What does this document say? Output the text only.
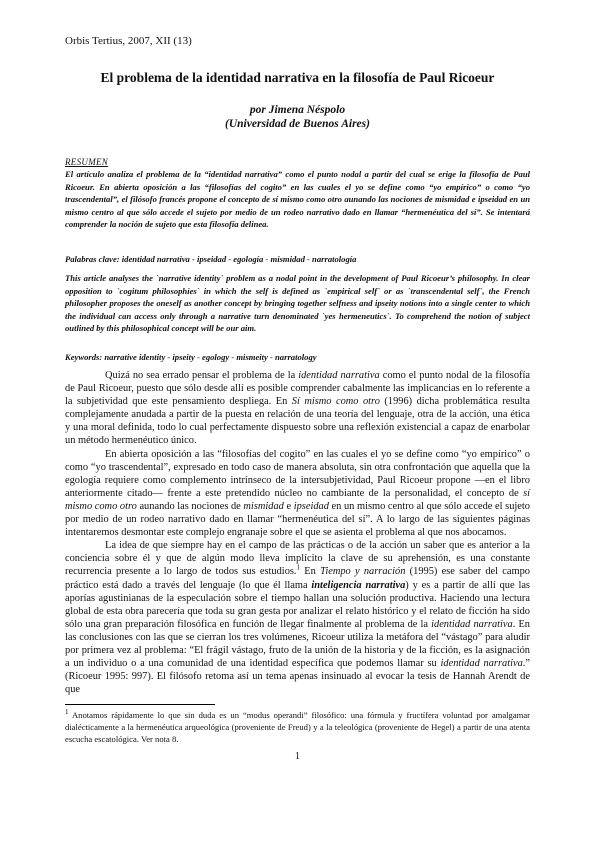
Orbis Tertius, 2007, XII (13)
El problema de la identidad narrativa en la filosofía de Paul Ricoeur
por Jimena Néspolo
(Universidad de Buenos Aires)
RESUMEN

El artículo analiza el problema de la “identidad narrativa” como el punto nodal a partir del cual se erige la filosofía de Paul Ricoeur. En abierta oposición a las “filosofías del cogito” en las cuales el yo se define como “yo empírico” o como “yo trascendental”, el filósofo francés propone el concepto de sí mismo como otro aunando las nociones de mismidad e ipseidad en un mismo centro al que sólo accede el sujeto por medio de un rodeo narrativo dado en llamar “hermenéutica del sí”. Se intentará comprender la noción de sujeto que esta filosofía delinea.

Palabras clave: identidad narrativa - ipseidad - egología - mismidad - narratología

This article analyses the `narrative identity` problem as a nodal point in the development of Paul Ricoeur’s philosophy. In clear opposition to `cogitum philosophies` in which the self is defined as `empirical self` or as `transcendental self`, the French philosopher proposes the oneself as another concept by bringing together selfness and ipseity notions into a single center to which the individual can access only through a narrative turn denominated `yes hermeneutics`. To comprehend the notion of subject outlined by this philosophical concept will be our aim.

Keywords: narrative identity - ipseity - egology - mismeity - narratology

Quizá no sea errado pensar el problema de la identidad narrativa como el punto nodal de la filosofía de Paul Ricoeur, puesto que sólo desde allí es posible comprender cabalmente las implicancias en lo referente a la subjetividad que este pensamiento despliega. En Sí mismo como otro (1996) dicha problemática resulta complejamente anudada a partir de la puesta en relación de una teoría del lenguaje, otra de la acción, una ética y una moral definida, todo lo cual perfectamente dispuesto sobre una reflexión existencial a capaz de enarbolar un método hermenéutico único.

En abierta oposición a las “filosofías del cogito” en las cuales el yo se define como “yo empírico” o como “yo trascendental”, expresado en todo caso de manera absoluta, sin otra confrontación que aquella que la egología requiere como complemento intrínseco de la intersubjetividad, Paul Ricoeur propone —en el libro anteriormente citado— frente a este pretendido núcleo no cambiante de la personalidad, el concepto de sí mismo como otro aunando las nociones de mismidad e ipseidad en un mismo centro al que sólo accede el sujeto por medio de un rodeo narrativo dado en llamar “hermenéutica del sí”. A lo largo de las siguientes páginas intentaremos desmontar este complejo engranaje sobre el que se asienta el problema al que nos abocamos.

La idea de que siempre hay en el campo de las prácticas o de la acción un saber que es anterior a la conciencia sobre él y que de algún modo lleva implícito la clave de su aprehensión, es una constante recurrencia presente a lo largo de todos sus estudios.$^1$ En Tiempo y narración (1995) ese saber del campo práctico está dado a través del lenguaje (lo que él llama inteligencia narrativa) y es a partir de allí que las aporías agustinianas de la especulación sobre el tiempo hallan una solución productiva. Haciendo una lectura global de esta obra parecería que toda su gran gesta por analizar el relato histórico y el relato de ficción ha sido sólo una gran preparación filosófica en función de llegar finalmente al problema de la identidad narrativa. En las conclusiones con las que se cierran los tres volúmenes, Ricoeur utiliza la metáfora del “vástago” para aludir por primera vez al problema: “El frágil vástago, fruto de la unión de la historia y de la ficción, es la asignación a un individuo o a una comunidad de una identidad específica que podemos llamar su identidad narrativa.” (Ricoeur 1995: 997). El filósofo retoma así un tema apenas insinuado al evocar la tesis de Hannah Arendt de que

$^1$ Anotamos rápidamente lo que sin duda es un “modus operandi” filosófico: una fórmula y fructífera voluntad por amalgamar dialécticamente a la hermenéutica arqueológica (proveniente de Freud) y a la teleológica (proveniente de Hegel) a partir de una atenta escucha escatológica. Ver nota 8.
1
